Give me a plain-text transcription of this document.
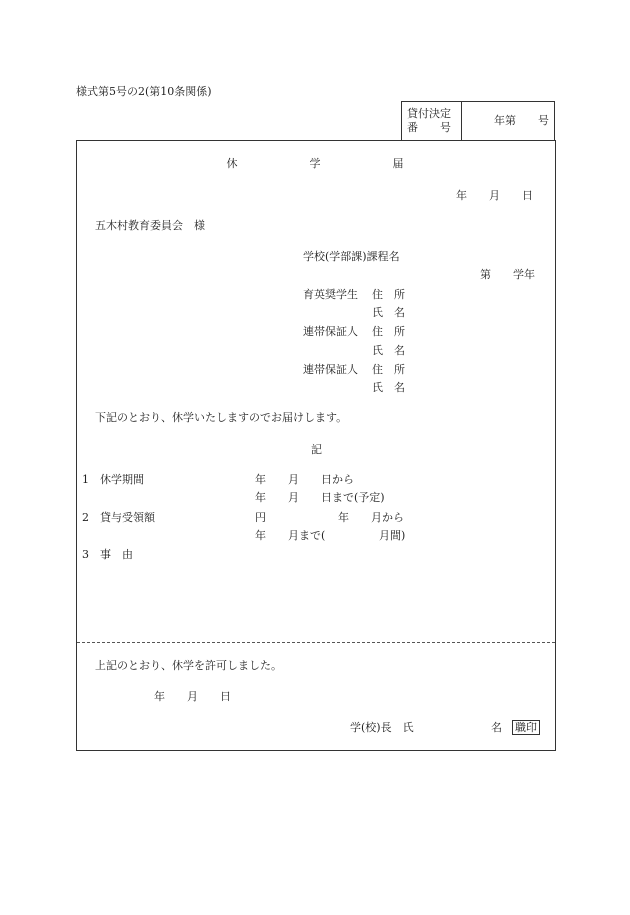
様式第5号の2(第10条関係)
貸付決定
番　　号
年第　　号
休	学	届
年　　月　　日
五木村教育委員会　様
学校(学部課)課程名
第　　学年
育英奨学生 住　所
氏　名
連帯保証人 住　所
氏　名
連帯保証人 住　所
氏　名
下記のとおり、休学いたしますのでお届けします。
記
1 休学期間	年　　月　　日から
年　　月　　日まで(予定)
2 貸与受領額	円	年　　月から
年　　月まで(	月間)
3 事　由
上記のとおり、休学を許可しました。
年　　月　　日
学(校)長　氏	名 職印
